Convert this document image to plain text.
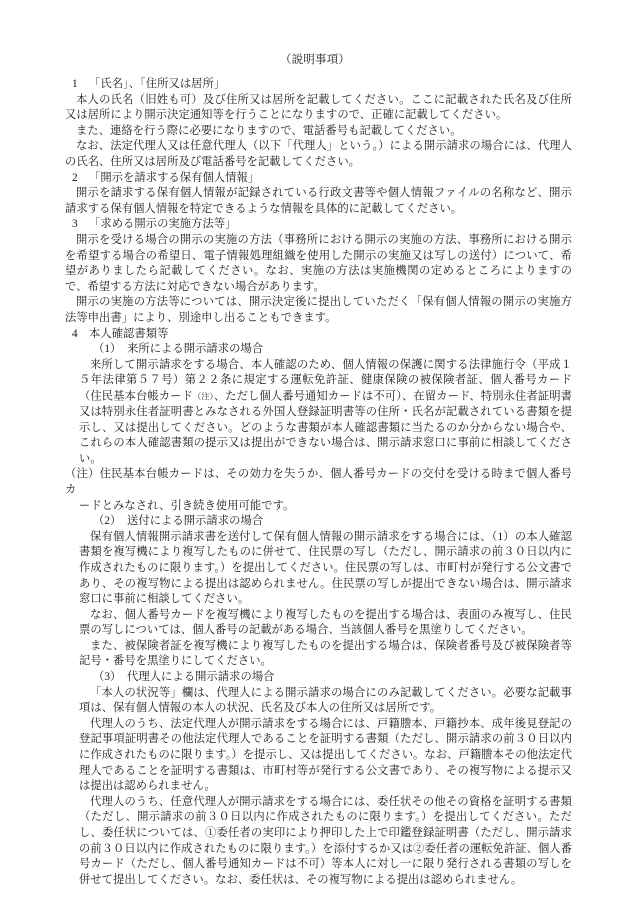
（説明事項）

1 「氏名」、「住所又は居所」

本人の氏名（旧姓も可）及び住所又は居所を記載してください。ここに記載された氏名及び住所又は居所により開示決定通知等を行うことになりますので、正確に記載してください。

また、連絡を行う際に必要になりますので、電話番号も記載してください。

なお、法定代理人又は任意代理人（以下「代理人」という。）による開示請求の場合には、代理人の氏名、住所又は居所及び電話番号を記載してください。

2 「開示を請求する保有個人情報」

開示を請求する保有個人情報が記録されている行政文書等や個人情報ファイルの名称など、開示請求する保有個人情報を特定できるような情報を具体的に記載してください。

3 「求める開示の実施方法等」

開示を受ける場合の開示の実施の方法（事務所における開示の実施の方法、事務所における開示を希望する場合の希望日、電子情報処理組織を使用した開示の実施又は写しの送付）について、希望がありましたら記載してください。なお、実施の方法は実施機関の定めるところによりますので、希望する方法に対応できない場合があります。

開示の実施の方法等については、開示決定後に提出していただく「保有個人情報の開示の実施方法等申出書」により、別途申し出ることもできます。

4 本人確認書類等

（1） 来所による開示請求の場合

来所して開示請求をする場合、本人確認のため、個人情報の保護に関する法律施行令（平成１５年法律第５７号）第２２条に規定する運転免許証、健康保険の被保険者証、個人番号カード（住民基本台帳カード（注）、ただし個人番号通知カードは不可）、在留カード、特別永住者証明書又は特別永住者証明書とみなされる外国人登録証明書等の住所・氏名が記載されている書類を提示し、又は提出してください。どのような書類が本人確認書類に当たるのか分からない場合や、これらの本人確認書類の提示又は提出ができない場合は、開示請求窓口に事前に相談してください。

（注）住民基本台帳カードは、その効力を失うか、個人番号カードの交付を受ける時まで個人番号カ

ードとみなされ、引き続き使用可能です。

（2） 送付による開示請求の場合

保有個人情報開示請求書を送付して保有個人情報の開示請求をする場合には、（1）の本人確認書類を複写機により複写したものに併せて、住民票の写し（ただし、開示請求の前３０日以内に作成されたものに限ります。）を提出してください。住民票の写しは、市町村が発行する公文書であり、その複写物による提出は認められません。住民票の写しが提出できない場合は、開示請求窓口に事前に相談してください。

なお、個人番号カードを複写機により複写したものを提出する場合は、表面のみ複写し、住民票の写しについては、個人番号の記載がある場合、当該個人番号を黒塗りしてください。

また、被保険者証を複写機により複写したものを提出する場合は、保険者番号及び被保険者等記号・番号を黒塗りにしてください。

（3） 代理人による開示請求の場合

「本人の状況等」欄は、代理人による開示請求の場合にのみ記載してください。必要な記載事項は、保有個人情報の本人の状況、氏名及び本人の住所又は居所です。

代理人のうち、法定代理人が開示請求をする場合には、戸籍謄本、戸籍抄本、成年後見登記の登記事項証明書その他法定代理人であることを証明する書類（ただし、開示請求の前３０日以内に作成されたものに限ります。）を提示し、又は提出してください。なお、戸籍謄本その他法定代理人であることを証明する書類は、市町村等が発行する公文書であり、その複写物による提示又は提出は認められません。

代理人のうち、任意代理人が開示請求をする場合には、委任状その他その資格を証明する書類（ただし、開示請求の前３０日以内に作成されたものに限ります。）を提出してください。ただし、委任状については、①委任者の実印により押印した上で印鑑登録証明書（ただし、開示請求の前３０日以内に作成されたものに限ります。）を添付するか又は②委任者の運転免許証、個人番号カード（ただし、個人番号通知カードは不可）等本人に対し一に限り発行される書類の写しを併せて提出してください。なお、委任状は、その複写物による提出は認められません。
